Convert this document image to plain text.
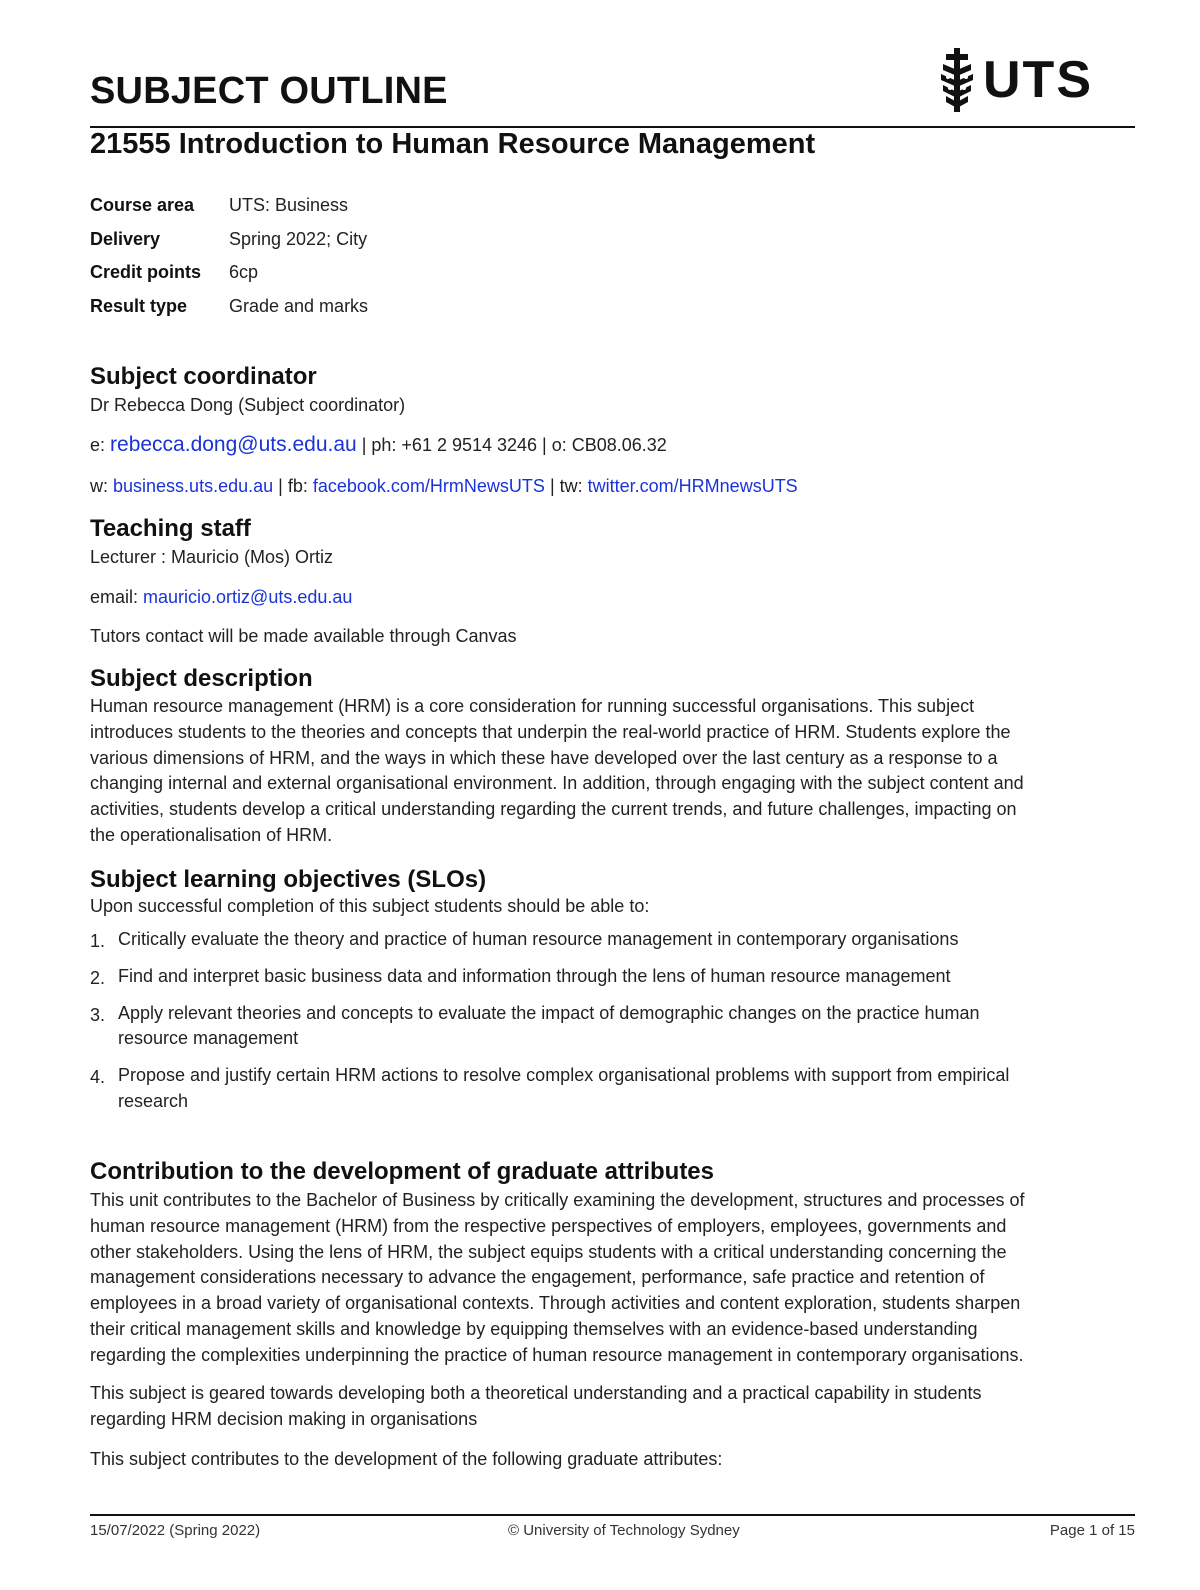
SUBJECT OUTLINE	UTS
21555 Introduction to Human Resource Management
Course area	UTS: Business
Delivery	Spring 2022; City
Credit points	6cp
Result type	Grade and marks
Subject coordinator
Dr Rebecca Dong (Subject coordinator)
e: rebecca.dong@uts.edu.au | ph: +61 2 9514 3246 | o: CB08.06.32
w: business.uts.edu.au | fb: facebook.com/HrmNewsUTS | tw: twitter.com/HRMnewsUTS
Teaching staff
Lecturer : Mauricio (Mos) Ortiz
email: mauricio.ortiz@uts.edu.au
Tutors contact will be made available through Canvas
Subject description
Human resource management (HRM) is a core consideration for running successful organisations. This subject
introduces students to the theories and concepts that underpin the real-world practice of HRM. Students explore the
various dimensions of HRM, and the ways in which these have developed over the last century as a response to a
changing internal and external organisational environment. In addition, through engaging with the subject content and
activities, students develop a critical understanding regarding the current trends, and future challenges, impacting on
the operationalisation of HRM.
Subject learning objectives (SLOs)
Upon successful completion of this subject students should be able to:
1. Critically evaluate the theory and practice of human resource management in contemporary organisations
2. Find and interpret basic business data and information through the lens of human resource management
3. Apply relevant theories and concepts to evaluate the impact of demographic changes on the practice human
resource management
4. Propose and justify certain HRM actions to resolve complex organisational problems with support from empirical
research
Contribution to the development of graduate attributes
This unit contributes to the Bachelor of Business by critically examining the development, structures and processes of
human resource management (HRM) from the respective perspectives of employers, employees, governments and
other stakeholders. Using the lens of HRM, the subject equips students with a critical understanding concerning the
management considerations necessary to advance the engagement, performance, safe practice and retention of
employees in a broad variety of organisational contexts. Through activities and content exploration, students sharpen
their critical management skills and knowledge by equipping themselves with an evidence-based understanding
regarding the complexities underpinning the practice of human resource management in contemporary organisations.
This subject is geared towards developing both a theoretical understanding and a practical capability in students
regarding HRM decision making in organisations
This subject contributes to the development of the following graduate attributes:
15/07/2022 (Spring 2022)	© University of Technology Sydney	Page 1 of 15
